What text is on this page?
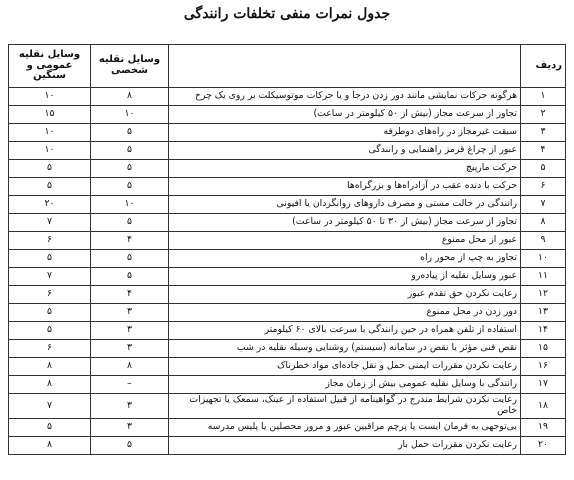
جدول نمرات منفی تخلفات رانندگی
ردیف		وسایل نقلیه شخصی	وسایل نقلیه عمومی و سنگین
۱	هرگونه حرکات نمایشی مانند دور زدن درجا و یا حرکات موتوسیکلت بر روی یک چرخ	۸	۱۰
۲	تجاوز از سرعت مجاز (بیش از ۵۰ کیلومتر در ساعت)	۱۰	۱۵
۳	سبقت غیرمجاز در راه‌های دوطرفه	۵	۱۰
۴	عبور از چراغ قرمز راهنمایی و رانندگی	۵	۱۰
۵	حرکت مارپیچ	۵	۵
۶	حرکت با دنده عقب در آزادراه‌ها و بزرگراه‌ها	۵	۵
۷	رانندگی در حالت مستی و مصرف داروهای روانگردان یا افیونی	۱۰	۲۰
۸	تجاوز از سرعت مجاز (بیش از ۳۰ تا ۵۰ کیلومتر در ساعت)	۵	۷
۹	عبور از محل ممنوع	۴	۶
۱۰	تجاوز به چپ از محور راه	۵	۵
۱۱	عبور وسایل نقلیه از پیاده‌رو	۵	۷
۱۲	رعایت نکردن حق تقدم عبور	۴	۶
۱۳	دور زدن در محل ممنوع	۳	۵
۱۴	استفاده از تلفن همراه در حین رانندگی با سرعت بالای ۶۰ کیلومتر	۳	۵
۱۵	نقص فنی مؤثر یا نقص در سامانه (سیستم) روشنایی وسیله نقلیه در شب	۳	۶
۱۶	رعایت نکردن مقررات ایمنی حمل و نقل جاده‌ای مواد خطرناک	۸	۸
۱۷	رانندگی با وسایل نقلیه عمومی بیش از زمان مجاز	–	۸
۱۸	رعایت نکردن شرایط مندرج در گواهینامه از قبیل استفاده از عینک، سمعک یا تجهیزات خاص	۳	۷
۱۹	بی‌توجهی به فرمان ایست یا پرچم مراقبین عبور و مرور محصلین یا پلیس مدرسه	۳	۵
۲۰	رعایت نکردن مقررات حمل بار	۵	۸
